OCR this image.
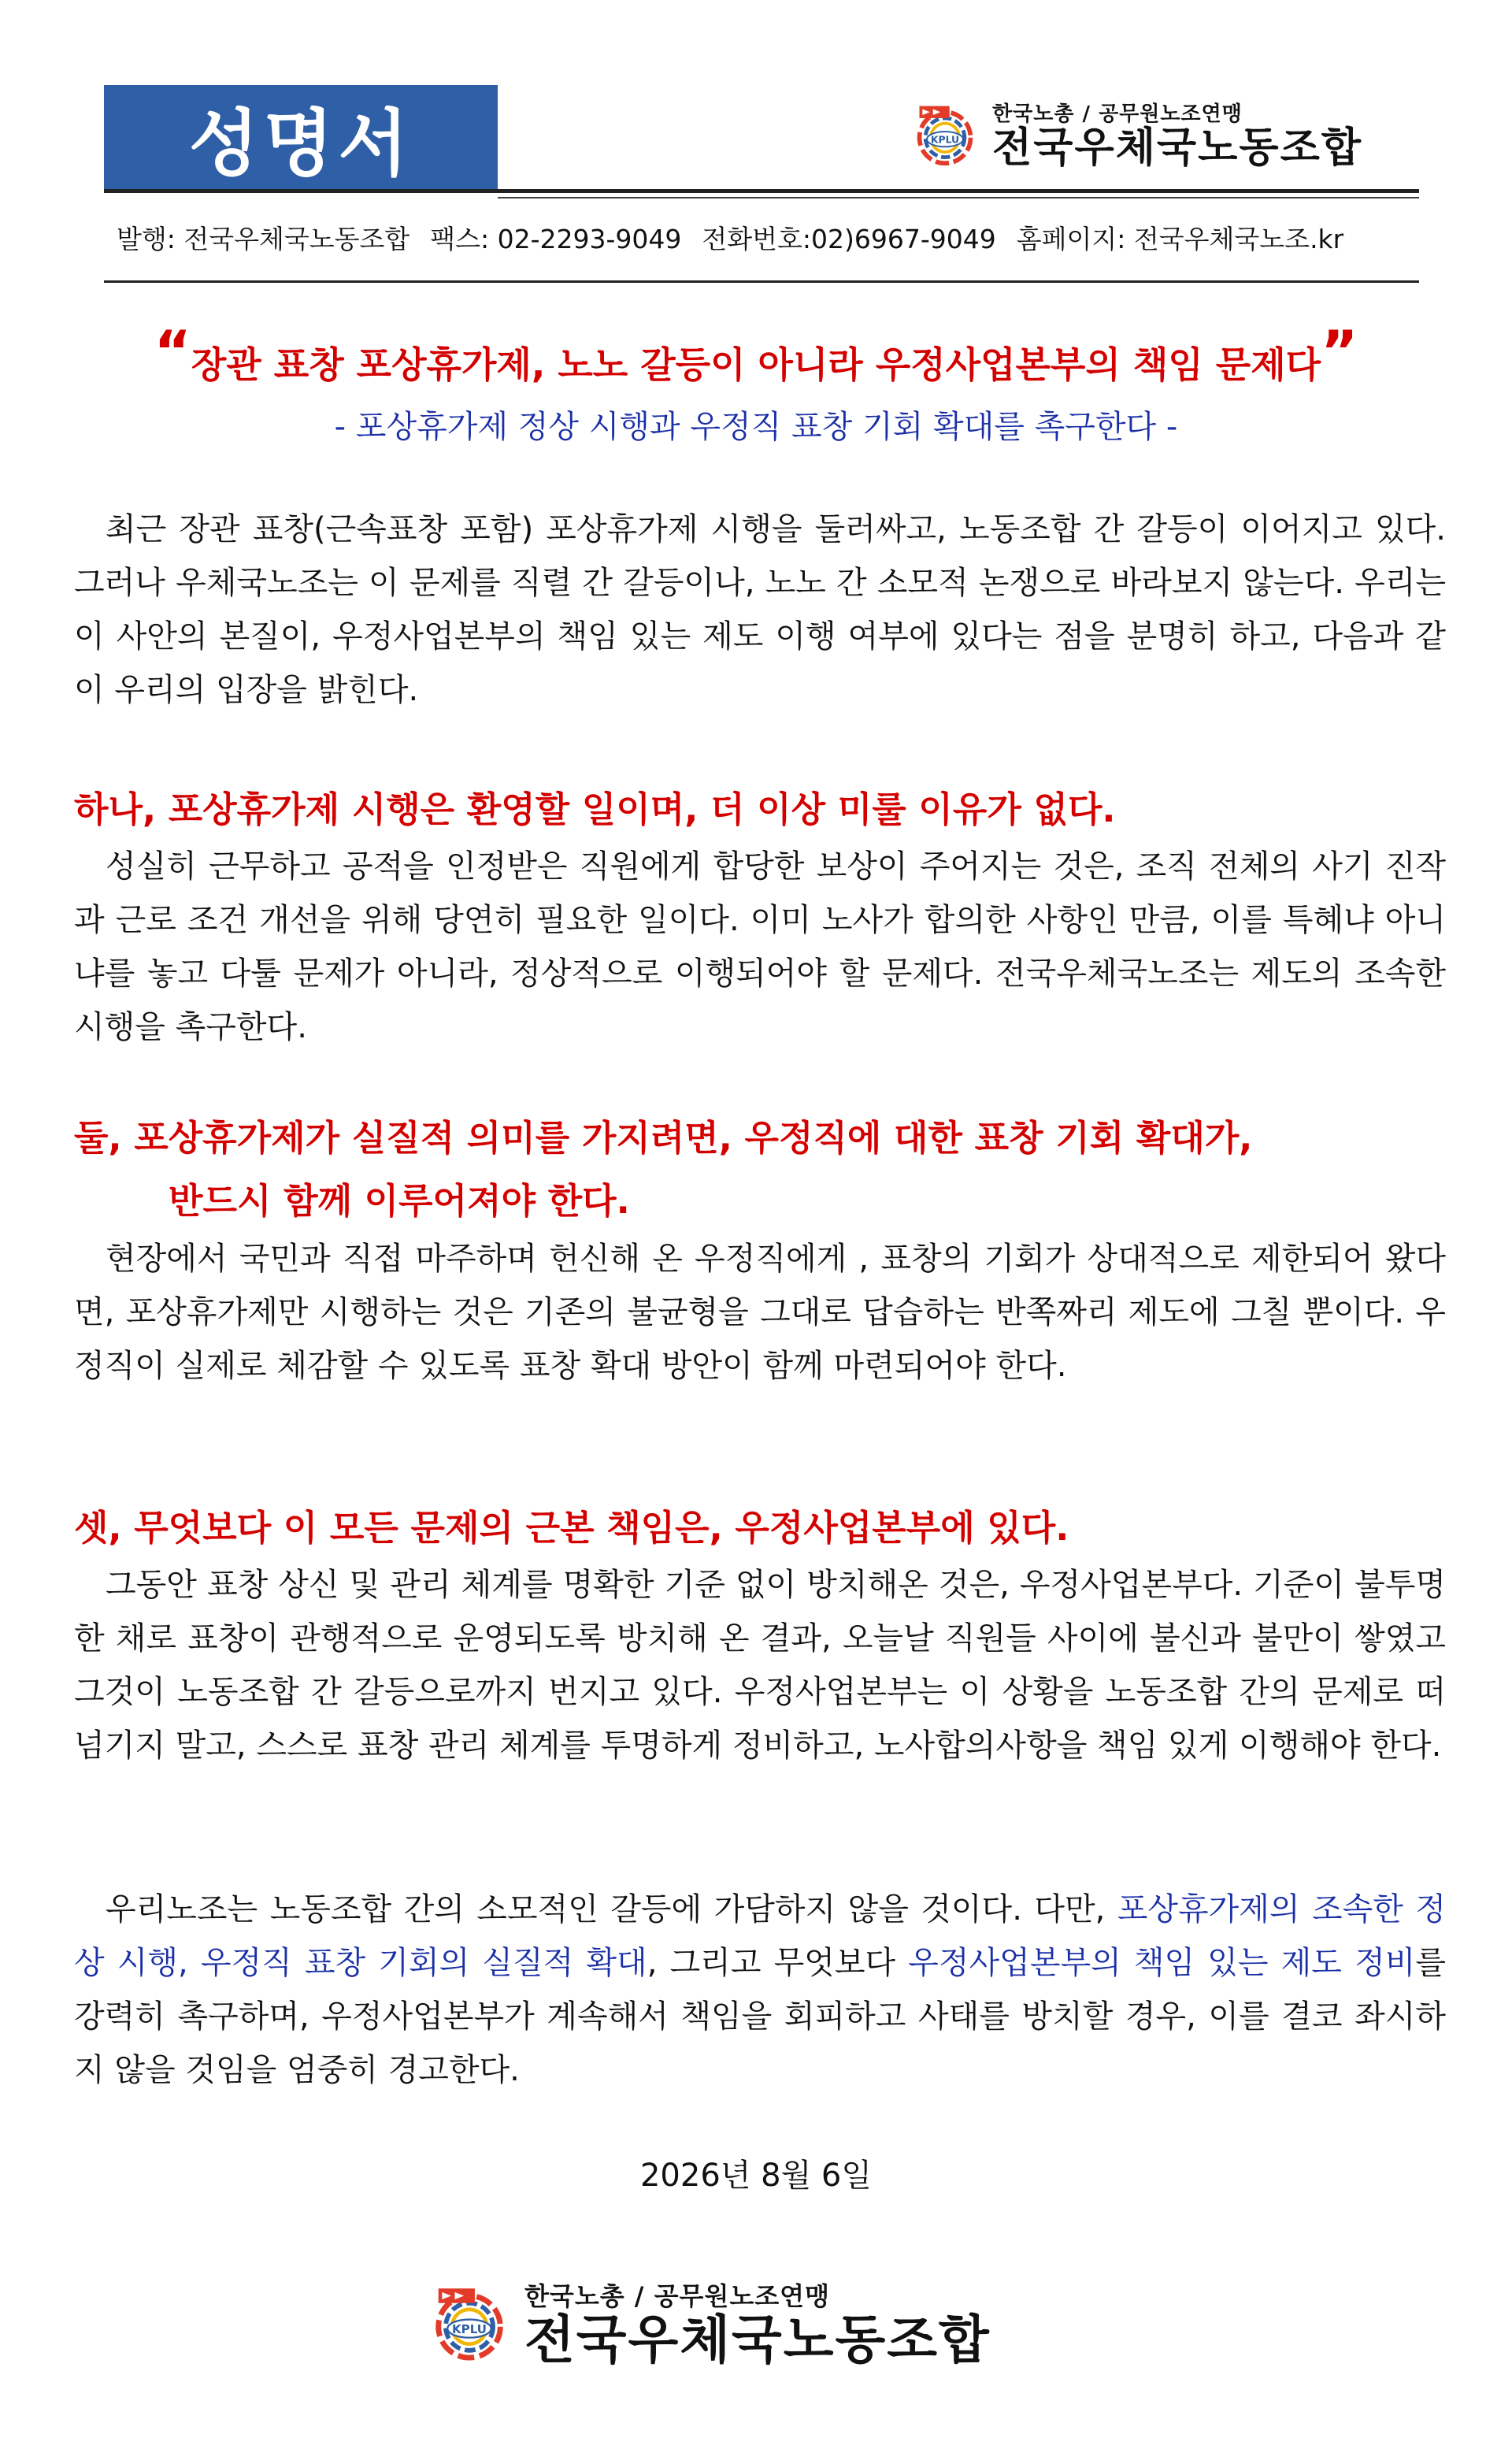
성명서	KPLU
한국노총 / 공무원노조연맹
전국우체국노동조합
발행: 전국우체국노동조합 팩스: 02-2293-9049 전화번호:02)6967-9049 홈페이지: 전국우체국노조.kr
“장관 표창 포상휴가제, 노노 갈등이 아니라 우정사업본부의 책임 문제다”
- 포상휴가제 정상 시행과 우정직 표창 기회 확대를 촉구한다 -

최근 장관 표창(근속표창 포함) 포상휴가제 시행을 둘러싸고, 노동조합 간 갈등이 이어지고 있다. 그러나 우체국노조는 이 문제를 직렬 간 갈등이나, 노노 간 소모적 논쟁으로 바라보지 않는다. 우리는 이 사안의 본질이, 우정사업본부의 책임 있는 제도 이행 여부에 있다는 점을 분명히 하고, 다음과 같이 우리의 입장을 밝힌다.

하나, 포상휴가제 시행은 환영할 일이며, 더 이상 미룰 이유가 없다.

성실히 근무하고 공적을 인정받은 직원에게 합당한 보상이 주어지는 것은, 조직 전체의 사기 진작과 근로 조건 개선을 위해 당연히 필요한 일이다. 이미 노사가 합의한 사항인 만큼, 이를 특혜냐 아니냐를 놓고 다툴 문제가 아니라, 정상적으로 이행되어야 할 문제다. 전국우체국노조는 제도의 조속한 시행을 촉구한다.

둘, 포상휴가제가 실질적 의미를 가지려면, 우정직에 대한 표창 기회 확대가,
반드시 함께 이루어져야 한다.

현장에서 국민과 직접 마주하며 헌신해 온 우정직에게 , 표창의 기회가 상대적으로 제한되어 왔다면, 포상휴가제만 시행하는 것은 기존의 불균형을 그대로 답습하는 반쪽짜리 제도에 그칠 뿐이다. 우정직이 실제로 체감할 수 있도록 표창 확대 방안이 함께 마련되어야 한다.

셋, 무엇보다 이 모든 문제의 근본 책임은, 우정사업본부에 있다.

그동안 표창 상신 및 관리 체계를 명확한 기준 없이 방치해온 것은, 우정사업본부다. 기준이 불투명한 채로 표창이 관행적으로 운영되도록 방치해 온 결과, 오늘날 직원들 사이에 불신과 불만이 쌓였고 그것이 노동조합 간 갈등으로까지 번지고 있다. 우정사업본부는 이 상황을 노동조합 간의 문제로 떠넘기지 말고, 스스로 표창 관리 체계를 투명하게 정비하고, 노사합의사항을 책임 있게 이행해야 한다.

우리노조는 노동조합 간의 소모적인 갈등에 가담하지 않을 것이다. 다만, 포상휴가제의 조속한 정상 시행, 우정직 표창 기회의 실질적 확대, 그리고 무엇보다 우정사업본부의 책임 있는 제도 정비를 강력히 촉구하며, 우정사업본부가 계속해서 책임을 회피하고 사태를 방치할 경우, 이를 결코 좌시하지 않을 것임을 엄중히 경고한다.

2026년 8월 6일
KPLU
한국노총 / 공무원노조연맹
전국우체국노동조합
